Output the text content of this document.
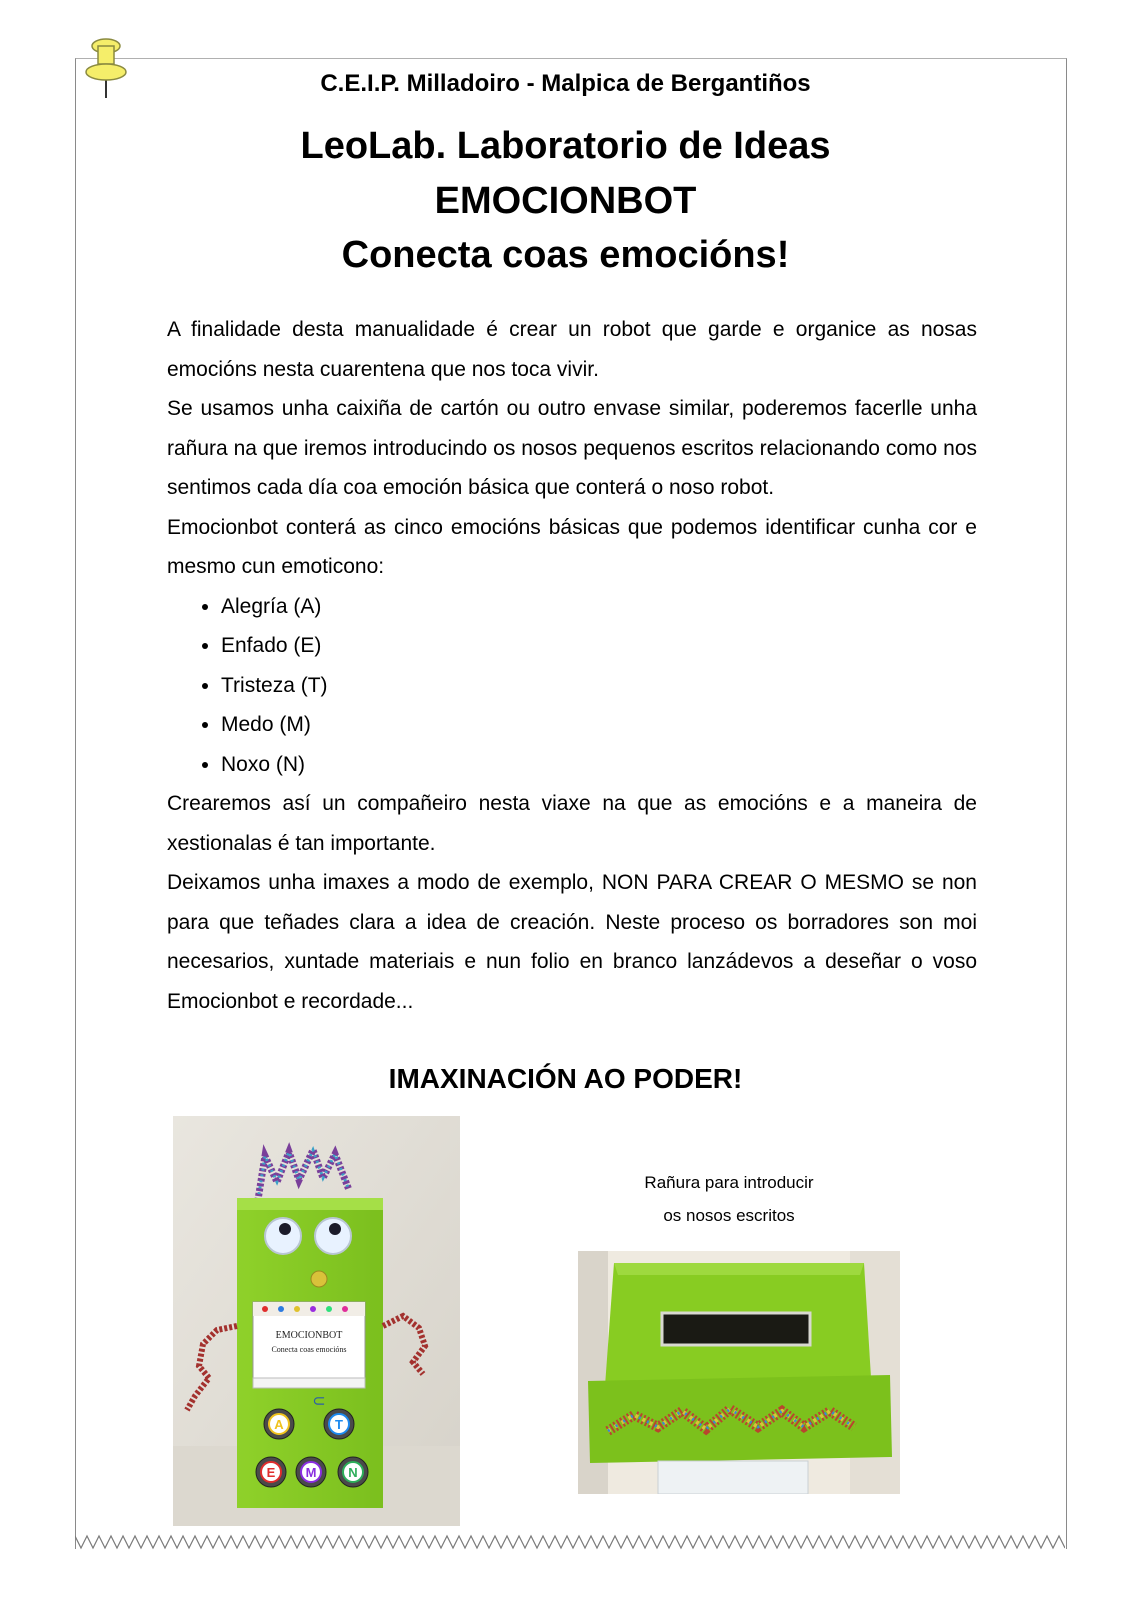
C.E.I.P. Milladoiro - Malpica de Bergantiños
LeoLab. Laboratorio de Ideas
EMOCIONBOT
Conecta coas emocións!

A finalidade desta manualidade é crear un robot que garde e organice as nosas emocións nesta cuarentena que nos toca vivir.

Se usamos unha caixiña de cartón ou outro envase similar, poderemos facerlle unha rañura na que iremos introducindo os nosos pequenos escritos relacionando como nos sentimos cada día coa emoción básica que conterá o noso robot.

Emocionbot conterá as cinco emocións básicas que podemos identificar cunha cor e mesmo cun emoticono:

• Alegría (A)
• Enfado (E)
• Tristeza (T)
• Medo (M)
• Noxo (N)

Crearemos así un compañeiro nesta viaxe na que as emocións e a maneira de xestionalas é tan importante.

Deixamos unha imaxes a modo de exemplo, NON PARA CREAR O MESMO se non para que teñades clara a idea de creación. Neste proceso os borradores son moi necesarios, xuntade materiais e nun folio en branco lanzádevos a deseñar o voso Emocionbot e recordade...

IMAXINACIÓN AO PODER!
EMOCIONBOT
Conecta coas emocións
⊂
A	T
E M N
Rañura para introducir
os nosos escritos
